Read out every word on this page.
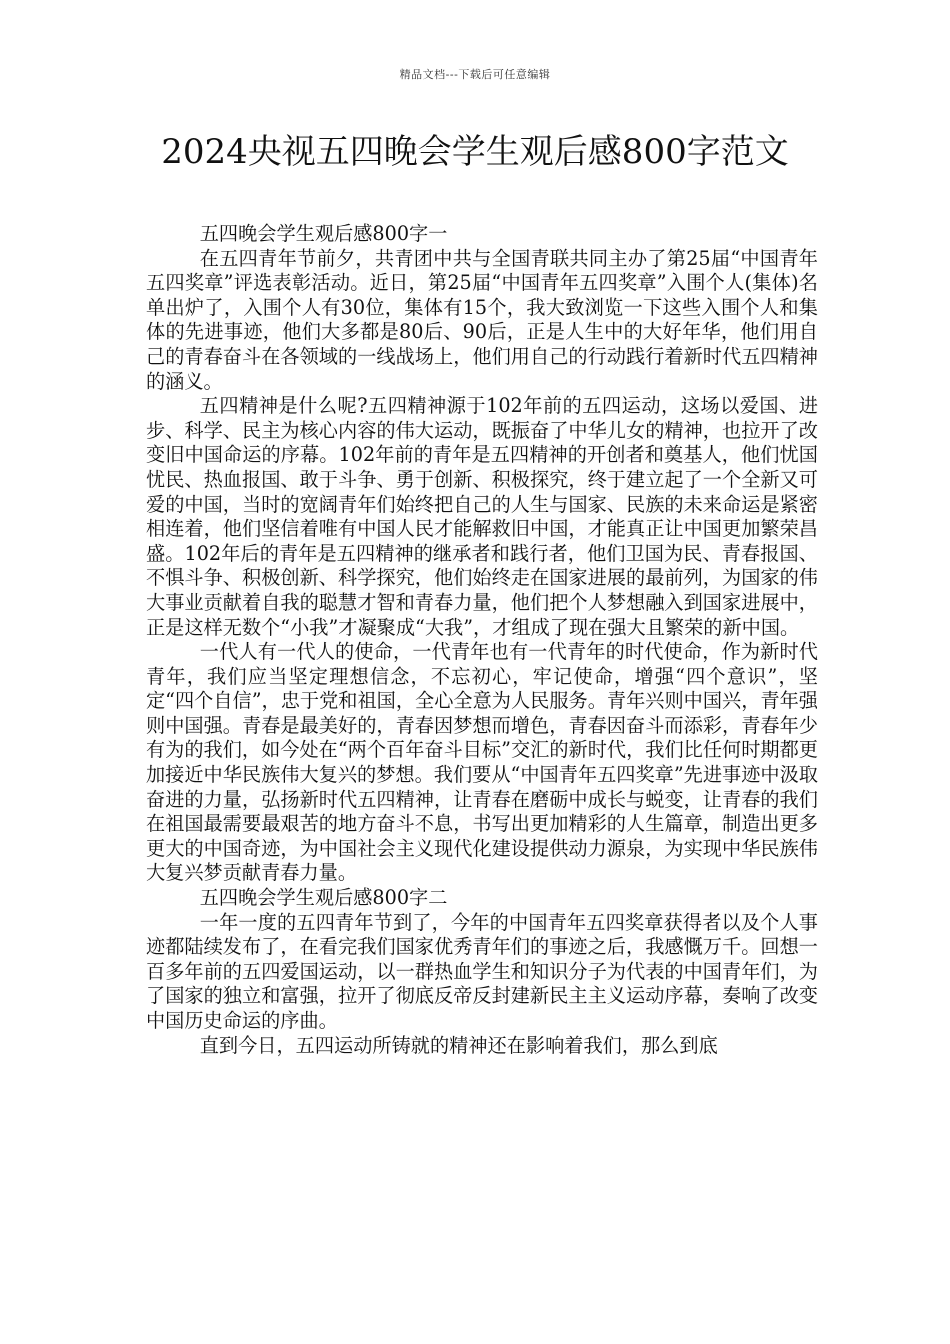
精品文档---下载后可任意编辑
2024央视五四晚会学生观后感800字范文

五四晚会学生观后感800字一

在五四青年节前夕，共青团中共与全国青联共同主办了第25届“中国青年五四奖章”评选表彰活动。近日，第25届“中国青年五四奖章”入围个人(集体)名单出炉了，入围个人有30位，集体有15个，我大致浏览一下这些入围个人和集体的先进事迹，他们大多都是80后、90后，正是人生中的大好年华，他们用自己的青春奋斗在各领域的一线战场上，他们用自己的行动践行着新时代五四精神的涵义。

五四精神是什么呢?五四精神源于102年前的五四运动，这场以爱国、进步、科学、民主为核心内容的伟大运动，既振奋了中华儿女的精神，也拉开了改变旧中国命运的序幕。102年前的青年是五四精神的开创者和奠基人，他们忧国忧民、热血报国、敢于斗争、勇于创新、积极探究，终于建立起了一个全新又可爱的中国，当时的宽阔青年们始终把自己的人生与国家、民族的未来命运是紧密相连着，他们坚信着唯有中国人民才能解救旧中国，才能真正让中国更加繁荣昌盛。102年后的青年是五四精神的继承者和践行者，他们卫国为民、青春报国、不惧斗争、积极创新、科学探究，他们始终走在国家进展的最前列，为国家的伟大事业贡献着自我的聪慧才智和青春力量，他们把个人梦想融入到国家进展中，正是这样无数个“小我”才凝聚成“大我”，才组成了现在强大且繁荣的新中国。

一代人有一代人的使命，一代青年也有一代青年的时代使命，作为新时代青年，我们应当坚定理想信念，不忘初心，牢记使命，增强“四个意识”，坚定“四个自信”，忠于党和祖国，全心全意为人民服务。青年兴则中国兴，青年强则中国强。青春是最美好的，青春因梦想而增色，青春因奋斗而添彩，青春年少有为的我们，如今处在“两个百年奋斗目标”交汇的新时代，我们比任何时期都更加接近中华民族伟大复兴的梦想。我们要从“中国青年五四奖章”先进事迹中汲取奋进的力量，弘扬新时代五四精神，让青春在磨砺中成长与蜕变，让青春的我们在祖国最需要最艰苦的地方奋斗不息，书写出更加精彩的人生篇章，制造出更多更大的中国奇迹，为中国社会主义现代化建设提供动力源泉，为实现中华民族伟大复兴梦贡献青春力量。

五四晚会学生观后感800字二

一年一度的五四青年节到了，今年的中国青年五四奖章获得者以及个人事迹都陆续发布了，在看完我们国家优秀青年们的事迹之后，我感慨万千。回想一百多年前的五四爱国运动，以一群热血学生和知识分子为代表的中国青年们，为了国家的独立和富强，拉开了彻底反帝反封建新民主主义运动序幕，奏响了改变中国历史命运的序曲。

直到今日，五四运动所铸就的精神还在影响着我们，那么到底
